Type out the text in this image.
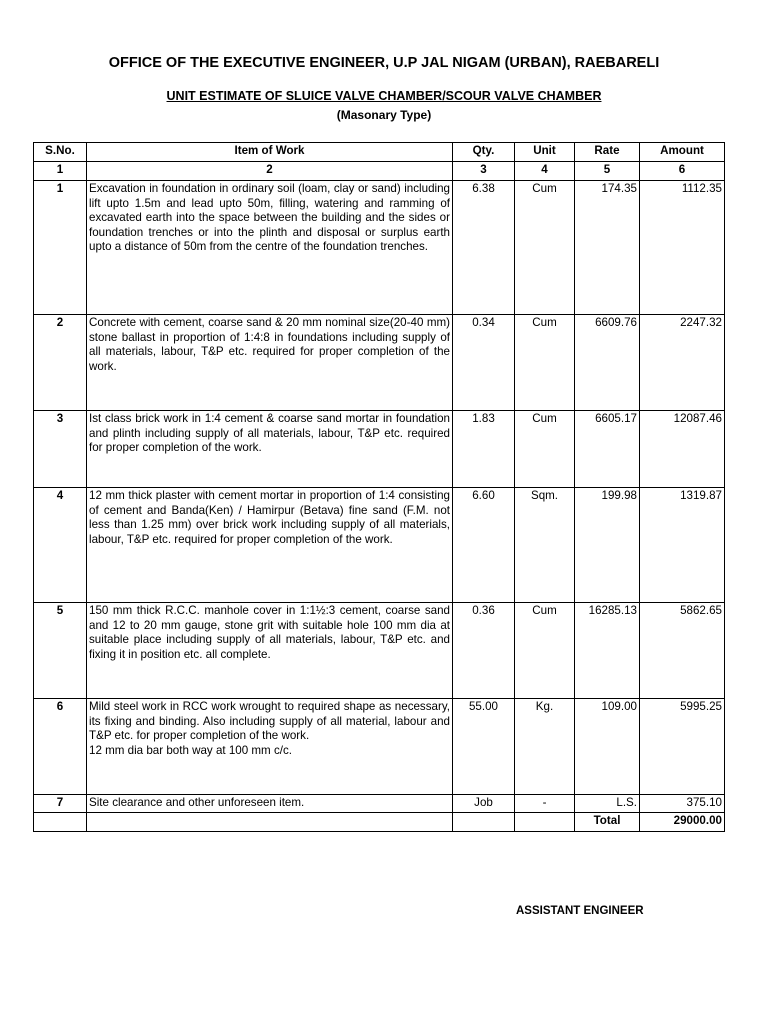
OFFICE OF THE EXECUTIVE ENGINEER, U.P JAL NIGAM (URBAN), RAEBARELI
UNIT ESTIMATE OF SLUICE VALVE CHAMBER/SCOUR VALVE CHAMBER
(Masonary Type)
S.No.	Item of Work	Qty.	Unit	Rate	Amount
1	2	3	4	5	6
1	Excavation in foundation in ordinary soil (loam, clay or sand) including lift upto 1.5m and lead upto 50m, filling, watering and ramming of excavated earth into the space between the building and the sides or foundation trenches or into the plinth and disposal or surplus earth upto a distance of 50m from the centre of the foundation trenches.	6.38	Cum	174.35	1112.35
2	Concrete with cement, coarse sand & 20 mm nominal size(20-40 mm) stone ballast in proportion of 1:4:8 in foundations including supply of all materials, labour, T&P etc. required for proper completion of the work.	0.34	Cum	6609.76	2247.32
3	Ist class brick work in 1:4 cement & coarse sand mortar in foundation and plinth including supply of all materials, labour, T&P etc. required for proper completion of the work.	1.83	Cum	6605.17	12087.46
4	12 mm thick plaster with cement mortar in proportion of 1:4 consisting of cement and Banda(Ken) / Hamirpur (Betava) fine sand (F.M. not less than 1.25 mm) over brick work including supply of all materials, labour, T&P etc. required for proper completion of the work.	6.60	Sqm.	199.98	1319.87
5	150 mm thick R.C.C. manhole cover in 1:1½:3 cement, coarse sand and 12 to 20 mm gauge, stone grit with suitable hole 100 mm dia at suitable place including supply of all materials, labour, T&P etc. and fixing it in position etc. all complete.	0.36	Cum	16285.13	5862.65
6	Mild steel work in RCC work wrought to required shape as necessary, its fixing and binding. Also including supply of all material, labour and T&P etc. for proper completion of the work.
12 mm dia bar both way at 100 mm c/c.	55.00	Kg.	109.00	5995.25
7	Site clearance and other unforeseen item.	Job	-	L.S.	375.10
				Total	29000.00
ASSISTANT ENGINEER
